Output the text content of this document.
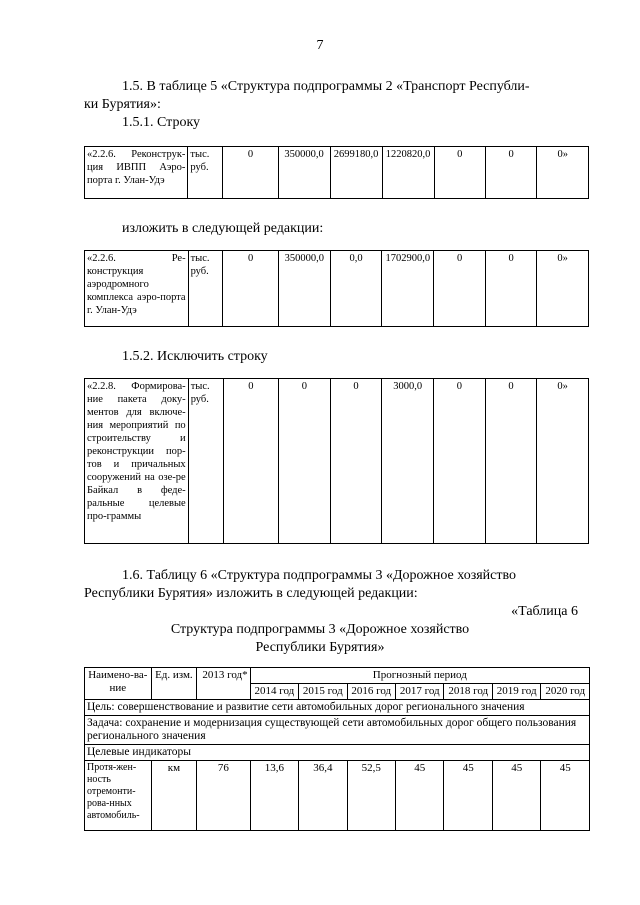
7
1.5. В таблице 5 «Структура подпрограммы 2 «Транспорт Республи-
ки Бурятия»:
1.5.1. Строку
«2.2.6. Реконструк-ция ИВПП Аэро-порта г. Улан-Удэ	тыс. руб.	0	350000,0	2699180,0	1220820,0	0	0	0»
изложить в следующей редакции:
«2.2.6. Ре-конструкция аэродромного комплекса аэро-порта г. Улан-Удэ	тыс. руб.	0	350000,0	0,0	1702900,0	0	0	0»
1.5.2. Исключить строку
«2.2.8. Формирова-ние пакета доку-ментов для включе-ния мероприятий по строительству и реконструкции пор-тов и причальных сооружений на озе-ре Байкал в феде-ральные целевые про-граммы	тыс. руб.	0	0	0	3000,0	0	0	0»
1.6. Таблицу 6 «Структура подпрограммы 3 «Дорожное хозяйство
Республики Бурятия» изложить в следующей редакции:
«Таблица 6
Структура подпрограммы 3 «Дорожное хозяйство
Республики Бурятия»
Наимено-ва-ние	Ед. изм.	2013 год*	Прогнозный период						
			2014 год	2015 год	2016 год	2017 год	2018 год	2019 год	2020 год
Цель: совершенствование и развитие сети автомобильных дорог регионального значения									
Задача: сохранение и модернизация существующей сети автомобильных дорог общего пользования регионального значения									
Целевые индикаторы									
Протя-жен-ность отремонти-рова-нных автомобиль-	км	76	13,6	36,4	52,5	45	45	45	45
